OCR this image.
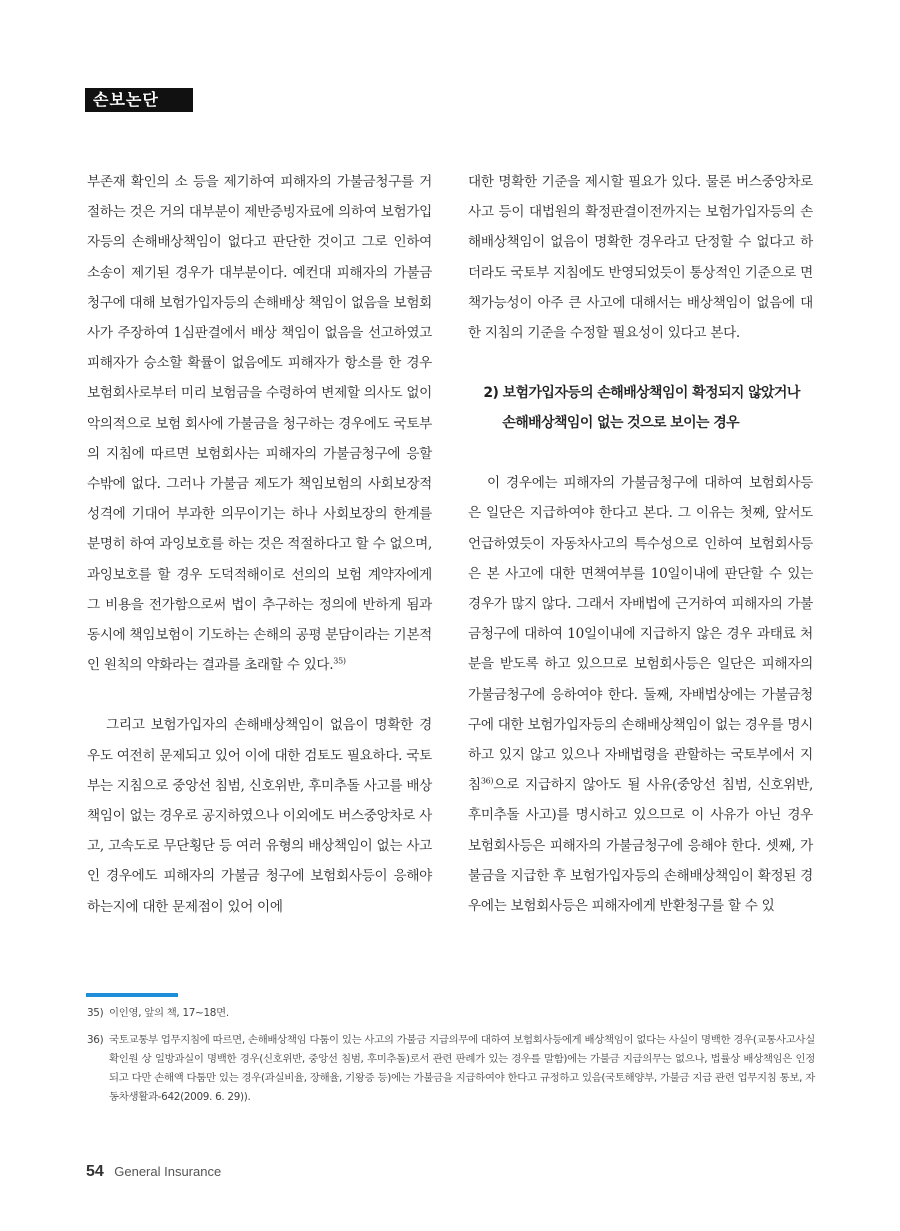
손보논단

부존재 확인의 소 등을 제기하여 피해자의 가불금청구를 거절하는 것은 거의 대부분이 제반증빙자료에 의하여 보험가입자등의 손해배상책임이 없다고 판단한 것이고 그로 인하여 소송이 제기된 경우가 대부분이다. 예컨대 피해자의 가불금 청구에 대해 보험가입자등의 손해배상 책임이 없음을 보험회사가 주장하여 1심판결에서 배상 책임이 없음을 선고하였고 피해자가 승소할 확률이 없음에도 피해자가 항소를 한 경우 보험회사로부터 미리 보험금을 수령하여 변제할 의사도 없이 악의적으로 보험 회사에 가불금을 청구하는 경우에도 국토부의 지침에 따르면 보험회사는 피해자의 가불금청구에 응할 수밖에 없다. 그러나 가불금 제도가 책임보험의 사회보장적 성격에 기대어 부과한 의무이기는 하나 사회보장의 한계를 분명히 하여 과잉보호를 하는 것은 적절하다고 할 수 없으며, 과잉보호를 할 경우 도덕적해이로 선의의 보험 계약자에게 그 비용을 전가함으로써 법이 추구하는 정의에 반하게 됨과 동시에 책임보험이 기도하는 손해의 공평 분담이라는 기본적인 원칙의 약화라는 결과를 초래할 수 있다.$^{35)}$

그리고 보험가입자의 손해배상책임이 없음이 명확한 경우도 여전히 문제되고 있어 이에 대한 검토도 필요하다. 국토부는 지침으로 중앙선 침범, 신호위반, 후미추돌 사고를 배상책임이 없는 경우로 공지하였으나 이외에도 버스중앙차로 사고, 고속도로 무단횡단 등 여러 유형의 배상책임이 없는 사고인 경우에도 피해자의 가불금 청구에 보험회사등이 응해야 하는지에 대한 문제점이 있어 이에

대한 명확한 기준을 제시할 필요가 있다. 물론 버스중앙차로 사고 등이 대법원의 확정판결이전까지는 보험가입자등의 손해배상책임이 없음이 명확한 경우라고 단정할 수 없다고 하더라도 국토부 지침에도 반영되었듯이 통상적인 기준으로 면책가능성이 아주 큰 사고에 대해서는 배상책임이 없음에 대한 지침의 기준을 수정할 필요성이 있다고 본다.

2) 보험가입자등의 손해배상책임이 확정되지 않았거나
손해배상책임이 없는 것으로 보이는 경우

이 경우에는 피해자의 가불금청구에 대하여 보험회사등은 일단은 지급하여야 한다고 본다. 그 이유는 첫째, 앞서도 언급하였듯이 자동차사고의 특수성으로 인하여 보험회사등은 본 사고에 대한 면책여부를 10일이내에 판단할 수 있는 경우가 많지 않다. 그래서 자배법에 근거하여 피해자의 가불금청구에 대하여 10일이내에 지급하지 않은 경우 과태료 처분을 받도록 하고 있으므로 보험회사등은 일단은 피해자의 가불금청구에 응하여야 한다. 둘째, 자배법상에는 가불금청구에 대한 보험가입자등의 손해배상책임이 없는 경우를 명시하고 있지 않고 있으나 자배법령을 관할하는 국토부에서 지침$^{36)}$으로 지급하지 않아도 될 사유(중앙선 침범, 신호위반, 후미추돌 사고)를 명시하고 있으므로 이 사유가 아닌 경우 보험회사등은 피해자의 가불금청구에 응해야 한다. 셋째, 가불금을 지급한 후 보험가입자등의 손해배상책임이 확정된 경우에는 보험회사등은 피해자에게 반환청구를 할 수 있

35) 이인영, 앞의 책, 17~18면.
36) 국토교통부 업무지침에 따르면, 손해배상책임 다툼이 있는 사고의 가불금 지급의무에 대하여 보험회사등에게 배상책임이 없다는 사실이 명백한 경우(교통사고사실확인원 상 일방과실이 명백한 경우(신호위반, 중앙선 침범, 후미추돌)로서 관련 판례가 있는 경우를 말함)에는 가불금 지급의무는 없으나, 법률상 배상책임은 인정되고 다만 손해액 다툼만 있는 경우(과실비율, 장해율, 기왕증 등)에는 가불금을 지급하여야 한다고 규정하고 있음(국토해양부, 가불금 지급 관련 업무지침 통보, 자동차생활과-642(2009. 6. 29)).
54 General Insurance
